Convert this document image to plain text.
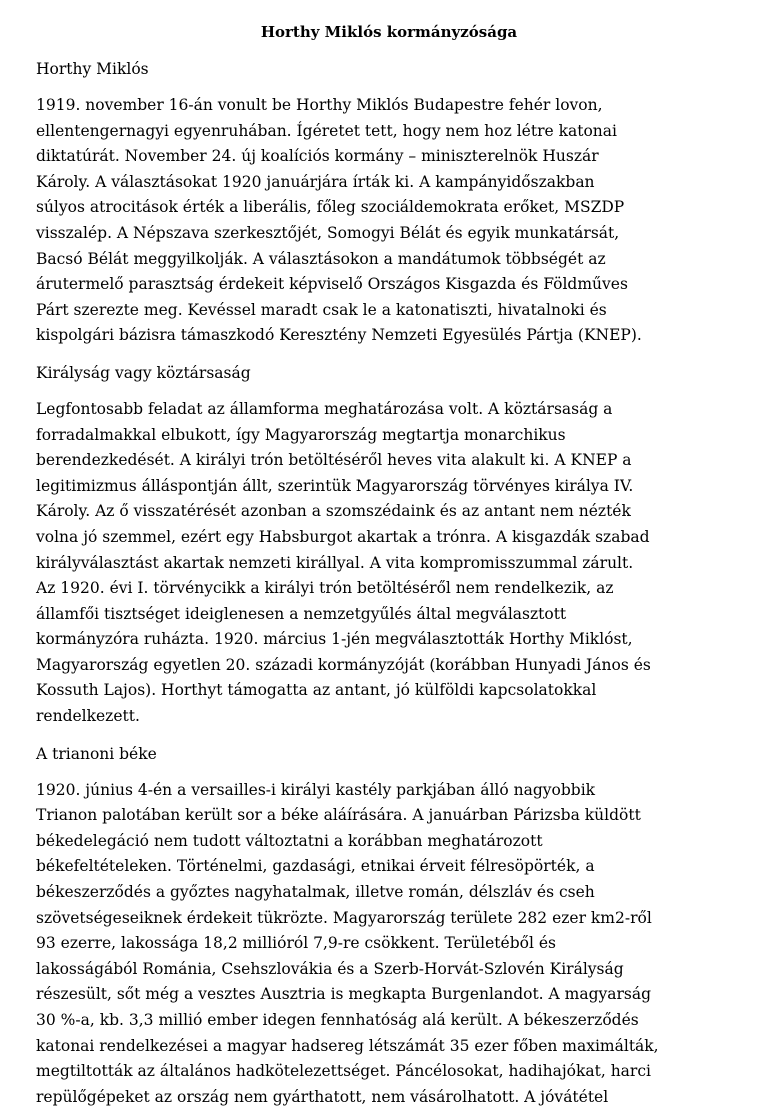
Horthy Miklós kormányzósága

Horthy Miklós

1919. november 16-án vonult be Horthy Miklós Budapestre fehér lovon,
ellentengernagyi egyenruhában. Ígéretet tett, hogy nem hoz létre katonai
diktatúrát. November 24. új koalíciós kormány – miniszterelnök Huszár
Károly. A választásokat 1920 januárjára írták ki. A kampányidőszakban
súlyos atrocitások érték a liberális, főleg szociáldemokrata erőket, MSZDP
visszalép. A Népszava szerkesztőjét, Somogyi Bélát és egyik munkatársát,
Bacsó Bélát meggyilkolják. A választásokon a mandátumok többségét az
árutermelő parasztság érdekeit képviselő Országos Kisgazda és Földműves
Párt szerezte meg. Kevéssel maradt csak le a katonatiszti, hivatalnoki és
kispolgári bázisra támaszkodó Keresztény Nemzeti Egyesülés Pártja (KNEP).

Királyság vagy köztársaság

Legfontosabb feladat az államforma meghatározása volt. A köztársaság a
forradalmakkal elbukott, így Magyarország megtartja monarchikus
berendezkedését. A királyi trón betöltéséről heves vita alakult ki. A KNEP a
legitimizmus álláspontján állt, szerintük Magyarország törvényes királya IV.
Károly. Az ő visszatérését azonban a szomszédaink és az antant nem nézték
volna jó szemmel, ezért egy Habsburgot akartak a trónra. A kisgazdák szabad
királyválasztást akartak nemzeti királlyal. A vita kompromisszummal zárult.
Az 1920. évi I. törvénycikk a királyi trón betöltéséről nem rendelkezik, az
államfői tisztséget ideiglenesen a nemzetgyűlés által megválasztott
kormányzóra ruházta. 1920. március 1-jén megválasztották Horthy Miklóst,
Magyarország egyetlen 20. századi kormányzóját (korábban Hunyadi János és
Kossuth Lajos). Horthyt támogatta az antant, jó külföldi kapcsolatokkal
rendelkezett.

A trianoni béke

1920. június 4-én a versailles-i királyi kastély parkjában álló nagyobbik
Trianon palotában került sor a béke aláírására. A januárban Párizsba küldött
békedelegáció nem tudott változtatni a korábban meghatározott
békefeltételeken. Történelmi, gazdasági, etnikai érveit félresöpörték, a
békeszerződés a győztes nagyhatalmak, illetve román, délszláv és cseh
szövetségeseiknek érdekeit tükrözte. Magyarország területe 282 ezer km2-ről
93 ezerre, lakossága 18,2 millióról 7,9-re csökkent. Területéből és
lakosságából Románia, Csehszlovákia és a Szerb-Horvát-Szlovén Királyság
részesült, sőt még a vesztes Ausztria is megkapta Burgenlandot. A magyarság
30 %-a, kb. 3,3 millió ember idegen fennhatóság alá került. A békeszerződés
katonai rendelkezései a magyar hadsereg létszámát 35 ezer főben maximálták,
megtiltották az általános hadkötelezettséget. Páncélosokat, hadihajókat, harci
repülőgépeket az ország nem gyárthatott, nem vásárolhatott. A jóvátétel
